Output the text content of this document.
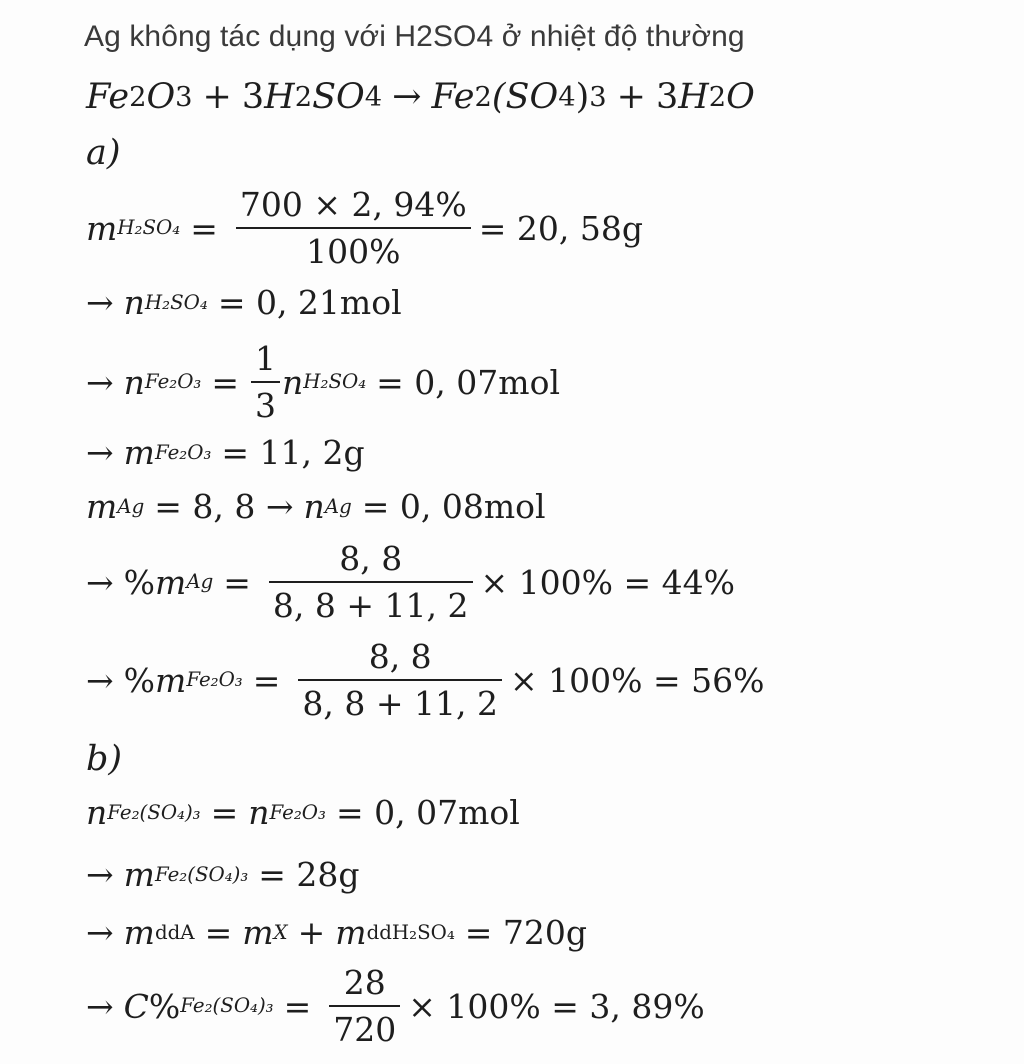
Ag không tác dụng với H2SO4 ở nhiệt độ thường
Fe 2 O 3 + 3 H 2 SO 4 → Fe 2 (SO 4 ) 3 + 3 H 2 O
a)
m $H_2SO_4 = \frac{700 \times 2, 94\%}{100\%} = 20$, 58g
→ n H₂SO₄ = 0, 21mol
→ n $Fe_2O_3 = \frac{1}{3}$ n H₂SO₄ = 0, 07mol
→ m Fe₂O₃ = 11, 2g
m Ag = 8, 8 → n Ag = 0, 08mol
→ % m $Ag = \frac{8, 8}{8, 8 + 11, 2} \times 100\% = 44\%$
→ % m $Fe_2O_3 = \frac{8, 8}{8, 8 + 11, 2} \times 100\% = 56\%$
b)
n Fe₂(SO₄)₃ = n Fe₂O₃ = 0, 07mol
→ m Fe₂(SO₄)₃ = 28g
→ m ddA = m X + m ddH₂SO₄ = 720g
→ C % $Fe_2(SO_4)_3 = \frac{28}{720} \times 100\% = 3$, 89%
